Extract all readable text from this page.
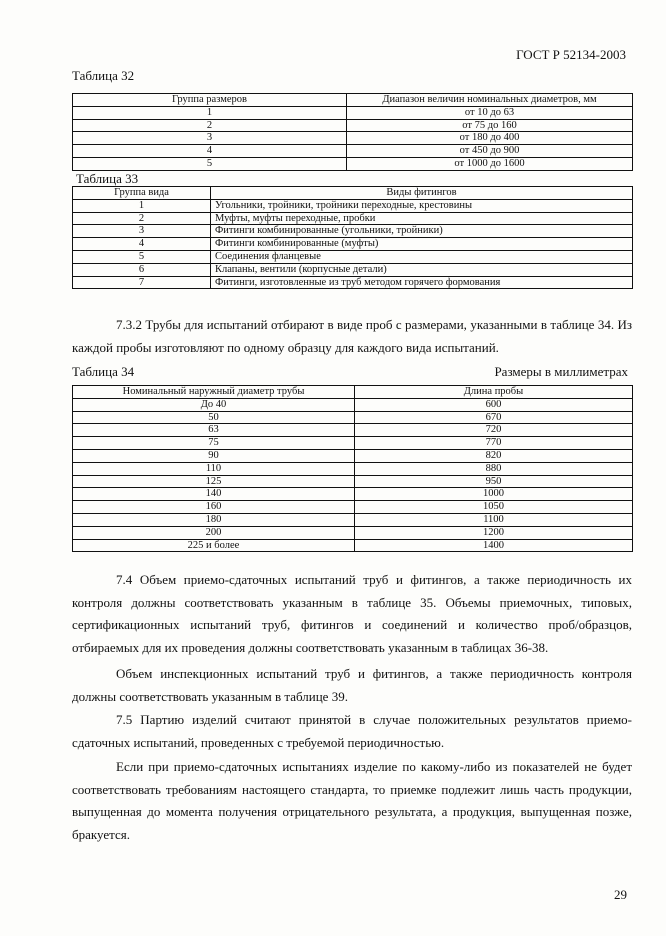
ГОСТ Р 52134-2003
Таблица 32
Группа размеров	Диапазон величин номинальных диаметров, мм
1	от 10 до 63
2	от 75 до 160
3	от 180 до 400
4	от 450 до 900
5	от 1000 до 1600
Таблица 33
Группа вида	Виды фитингов
1	Угольники, тройники, тройники переходные, крестовины
2	Муфты, муфты переходные, пробки
3	Фитинги комбинированные (угольники, тройники)
4	Фитинги комбинированные (муфты)
5	Соединения фланцевые
6	Клапаны, вентили (корпусные детали)
7	Фитинги, изготовленные из труб методом горячего формования
7.3.2 Трубы для испытаний отбирают в виде проб с размерами, указанными в таблице 34. Из каждой пробы изготовляют по одному образцу для каждого вида испытаний.
Таблица 34	Размеры в миллиметрах
Номинальный наружный диаметр трубы	Длина пробы
До 40	600
50	670
63	720
75	770
90	820
110	880
125	950
140	1000
160	1050
180	1100
200	1200
225 и более	1400
7.4 Объем приемо-сдаточных испытаний труб и фитингов, а также периодичность их контроля должны соответствовать указанным в таблице 35. Объемы приемочных, типовых, сертификационных испытаний труб, фитингов и соединений и количество проб/образцов, отбираемых для их проведения должны соответствовать указанным в таблицах 36-38.
Объем инспекционных испытаний труб и фитингов, а также периодичность контроля должны соответствовать указанным в таблице 39.
7.5 Партию изделий считают принятой в случае положительных результатов приемо-сдаточных испытаний, проведенных с требуемой периодичностью.
Если при приемо-сдаточных испытаниях изделие по какому-либо из показателей не будет соответствовать требованиям настоящего стандарта, то приемке подлежит лишь часть продукции, выпущенная до момента получения отрицательного результата, а продукция, выпущенная позже, бракуется.
29
